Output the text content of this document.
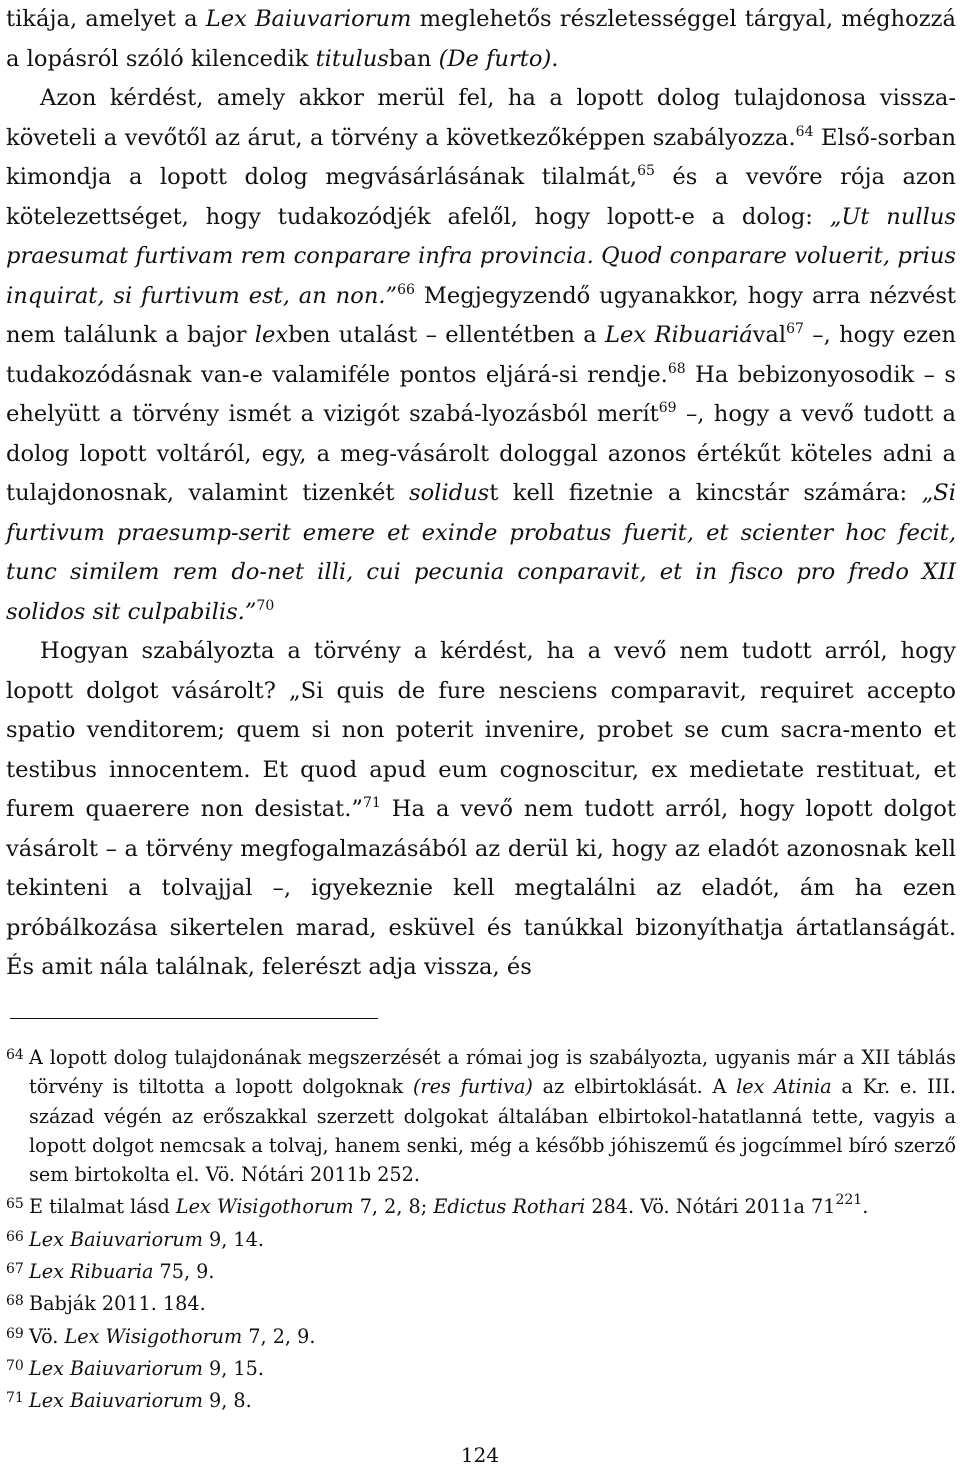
tikája, amelyet a Lex Baiuvariorum meglehetős részletességgel tárgyal, méghozzá a lopásról szóló kilencedik titulusban (De furto).

Azon kérdést, amely akkor merül fel, ha a lopott dolog tulajdonosa vissza-követeli a vevőtől az árut, a törvény a következőképpen szabályozza.$^{64}$ Első-sorban kimondja a lopott dolog megvásárlásának tilalmát,$^{65}$ és a vevőre rója azon kötelezettséget, hogy tudakozódjék afelől, hogy lopott-e a dolog: „Ut nullus praesumat furtivam rem conparare infra provincia. Quod conparare voluerit, prius inquirat, si furtivum est, an non.”$^{66}$ Megjegyzendő ugyanakkor, hogy arra nézvést nem találunk a bajor lexben utalást – ellentétben a Lex Ribuariával$^{67}$ –, hogy ezen tudakozódásnak van-e valamiféle pontos eljárá-si rendje.$^{68}$ Ha bebizonyosodik – s ehelyütt a törvény ismét a vizigót szabá-lyozásból merít$^{69}$ –, hogy a vevő tudott a dolog lopott voltáról, egy, a meg-vásárolt dologgal azonos értékűt köteles adni a tulajdonosnak, valamint tizenkét solidust kell fizetnie a kincstár számára: „Si furtivum praesump-serit emere et exinde probatus fuerit, et scienter hoc fecit, tunc similem rem do-net illi, cui pecunia conparavit, et in fisco pro fredo XII solidos sit culpabilis.”$^{70}$

Hogyan szabályozta a törvény a kérdést, ha a vevő nem tudott arról, hogy lopott dolgot vásárolt? „Si quis de fure nesciens comparavit, requiret accepto spatio venditorem; quem si non poterit invenire, probet se cum sacra-mento et testibus innocentem. Et quod apud eum cognoscitur, ex medietate restituat, et furem quaerere non desistat.”$^{71}$ Ha a vevő nem tudott arról, hogy lopott dolgot vásárolt – a törvény megfogalmazásából az derül ki, hogy az eladót azonosnak kell tekinteni a tolvajjal –, igyekeznie kell megtalálni az eladót, ám ha ezen próbálkozása sikertelen marad, esküvel és tanúkkal bizonyíthatja ártatlanságát. És amit nála találnak, felerészt adja vissza, és

64 A lopott dolog tulajdonának megszerzését a római jog is szabályozta, ugyanis már a XII táblás törvény is tiltotta a lopott dolgoknak (res furtiva) az elbirtoklását. A lex Atinia a Kr. e. III. század végén az erőszakkal szerzett dolgokat általában elbirtokol-hatatlanná tette, vagyis a lopott dolgot nemcsak a tolvaj, hanem senki, még a később jóhiszemű és jogcímmel bíró szerző sem birtokolta el. Vö. Nótári 2011b 252.

65 E tilalmat lásd Lex Wisigothorum 7, 2, 8; Edictus Rothari 284. Vö. Nótári 2011a $71^{221}$.

66 Lex Baiuvariorum 9, 14.

67 Lex Ribuaria 75, 9.

68 Babják 2011. 184.

69 Vö. Lex Wisigothorum 7, 2, 9.

70 Lex Baiuvariorum 9, 15.

71 Lex Baiuvariorum 9, 8.

124
